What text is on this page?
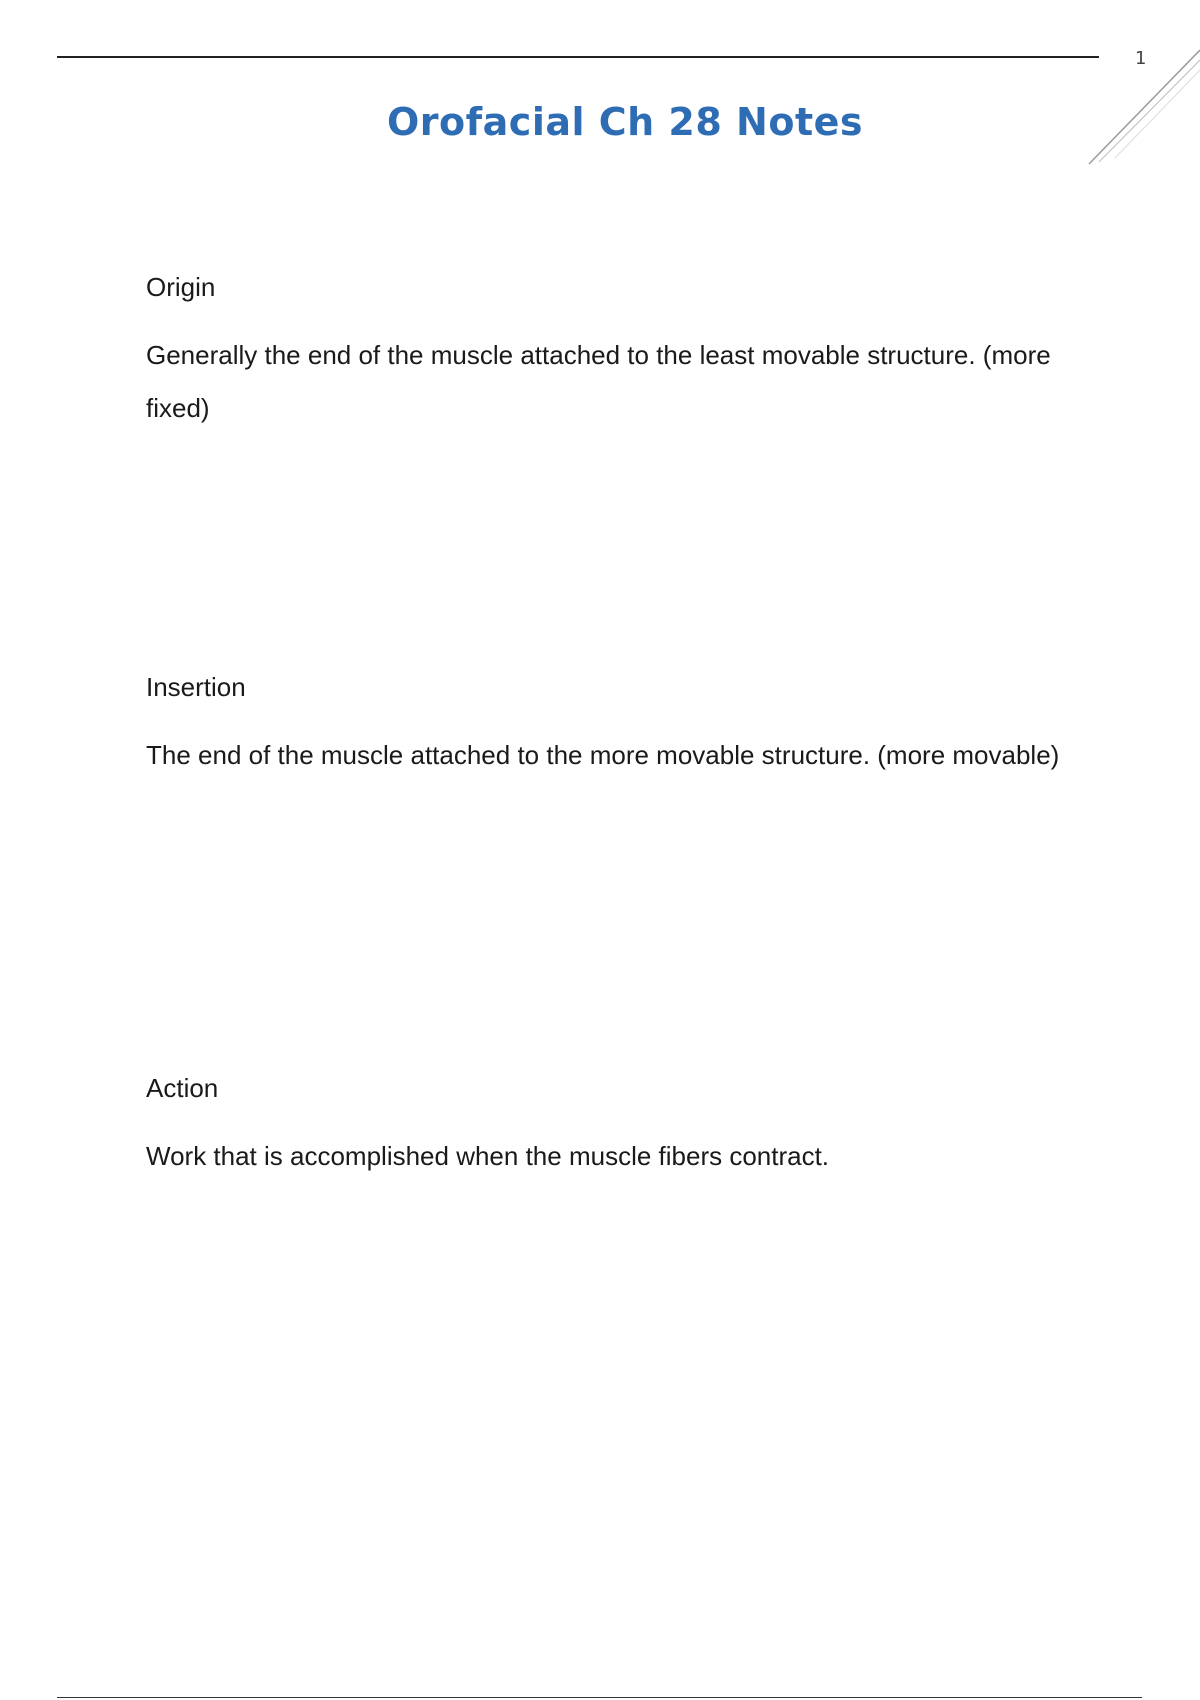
1
Orofacial Ch 28 Notes

Origin

Generally the end of the muscle attached to the least movable structure. (more fixed)

Insertion

The end of the muscle attached to the more movable structure. (more movable)

Action

Work that is accomplished when the muscle fibers contract.
